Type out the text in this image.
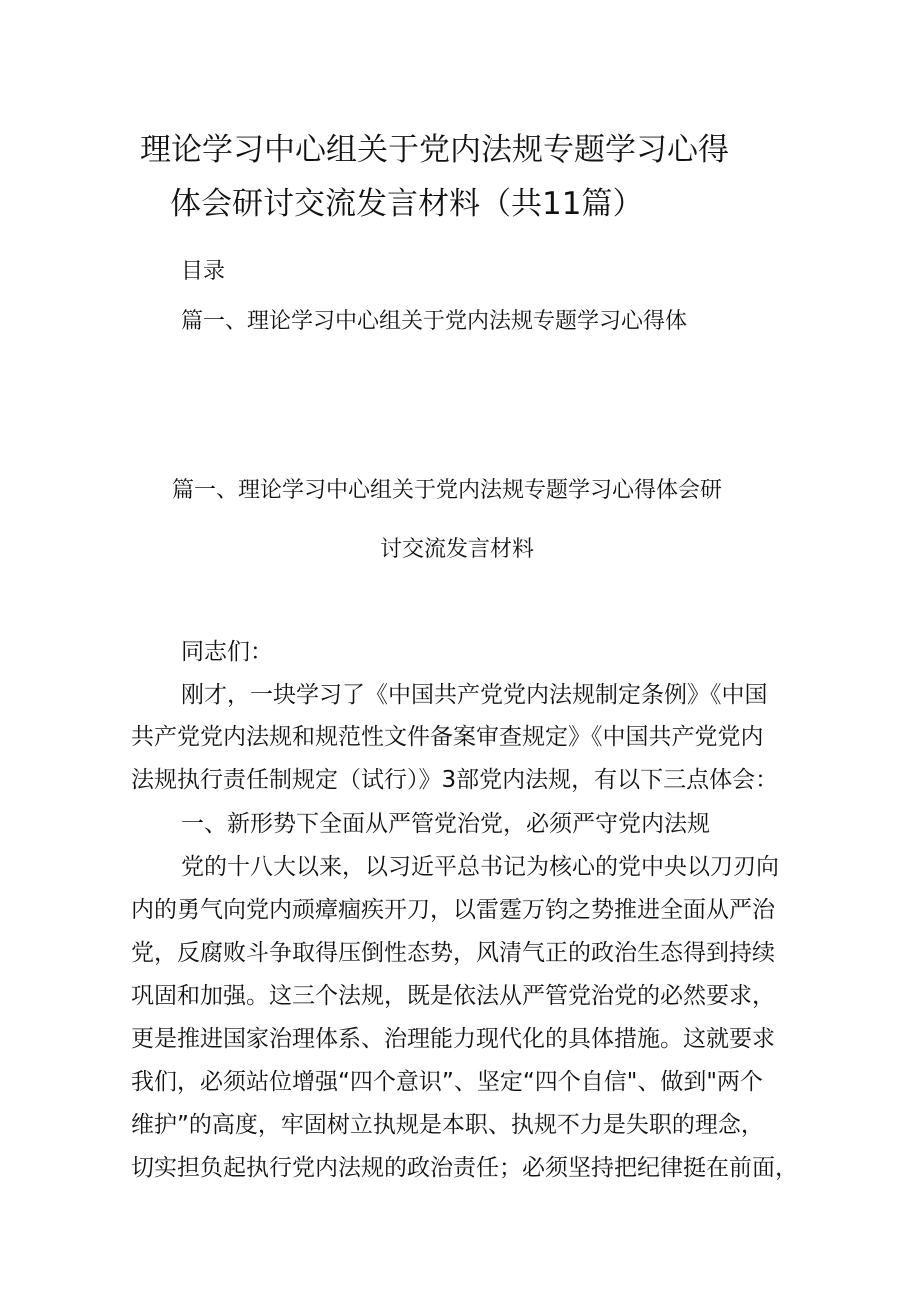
理论学习中心组关于党内法规专题学习心得

体会研讨交流发言材料（共11篇）

目录

篇一、理论学习中心组关于党内法规专题学习心得体

篇一、理论学习中心组关于党内法规专题学习心得体会研

讨交流发言材料

同志们：

刚才，一块学习了《中国共产党党内法规制定条例》《中国

共产党党内法规和规范性文件备案审查规定》《中国共产党党内

法规执行责任制规定（试行）》3部党内法规，有以下三点体会：

一、新形势下全面从严管党治党，必须严守党内法规

党的十八大以来，以习近平总书记为核心的党中央以刀刃向

内的勇气向党内顽瘴痼疾开刀，以雷霆万钧之势推进全面从严治

党，反腐败斗争取得压倒性态势，风清气正的政治生态得到持续

巩固和加强。这三个法规，既是依法从严管党治党的必然要求，

更是推进国家治理体系、治理能力现代化的具体措施。这就要求

我们，必须站位增强“四个意识”、坚定“四个自信"、做到"两个

维护”的高度，牢固树立执规是本职、执规不力是失职的理念，

切实担负起执行党内法规的政治责任；必须坚持把纪律挺在前面，
